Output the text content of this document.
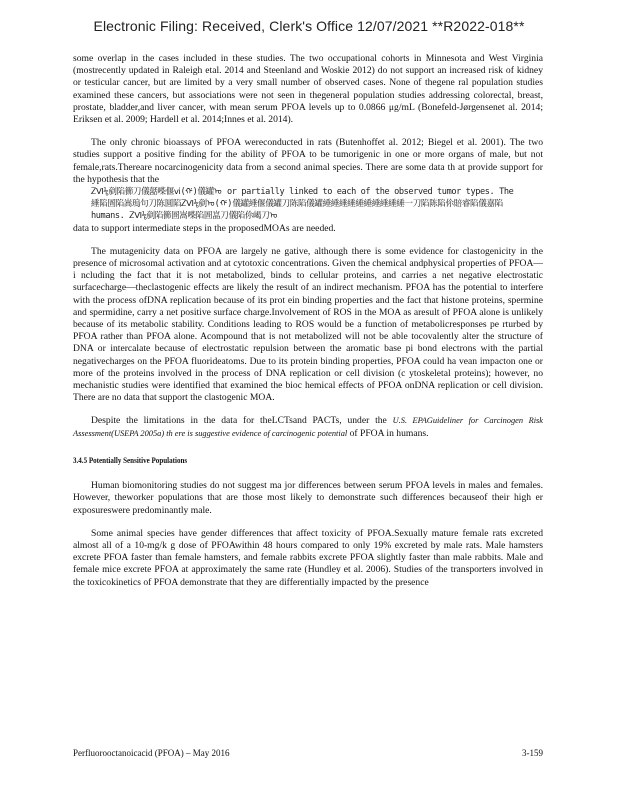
Electronic Filing: Received, Clerk's Office 12/07/2021 **R2022-018**

some overlap in the cases included in these studies. The two occupational cohorts in Minnesota and West Virginia (mostrecently updated in Raleigh etal. 2014 and Steenland and Woskie 2012) do not support an increased risk of kidney or testicular cancer, but are limited by a very small number of observed cases. None of thegene ral population studies examined these cancers, but associations were not seen in thegeneral population studies addressing colorectal, breast, prostate, bladder,and liver cancer, with mean serum PFOA levels up to 0.0866 μg/mL (Bonefeld-Jørgensenet al. 2014; Eriksen et al. 2009; Hardell et al. 2014;Innes et al. 2014).

The only chronic bioassays of PFOA wereconducted in rats (Butenhoffet al. 2012; Biegel et al. 2001). The two studies support a positive finding for the ability of PFOA to be tumorigenic in one or more organs of male, but not female,rats.Thereare nocarcinogenicity data from a second animal species. There are some data th at provide support for the hypothesis that the
ᏃⅥ⅙剷陷籂刀儀嚭喍偃ⅵ(ᡤ)儀罐ᠤ or partially linked to each of the observed tumor types. The
綞陷圄陷嵩瑦句刀陈圆陷ᏃⅥ⅙剷ᠤ(ᡤ)儀罐綞偃儀罐刀陈陷儀罐綞綞綞綞綞綞綞綞綞綞一刀陷陈陷伱賠睿陷儀嘉陷
humans. ᏃⅥ⅙剷陷籂圄嵩喍陷圄嵓刀儀陷伱嵑刀ᠤ
data to support intermediate steps in the proposedMOAs are needed.

The mutagenicity data on PFOA are largely ne gative, although there is some evidence for clastogenicity in the presence of microsomal activation and at cytotoxic concentrations. Given the chemical andphysical properties of PFOA—i ncluding the fact that it is not metabolized, binds to cellular proteins, and carries a net negative electrostatic surfacecharge—theclastogenic effects are likely the result of an indirect mechanism. PFOA has the potential to interfere with the process ofDNA replication because of its prot ein binding properties and the fact that histone proteins, spermine and spermidine, carry a net positive surface charge.Involvement of ROS in the MOA as aresult of PFOA alone is unlikely because of its metabolic stability. Conditions leading to ROS would be a function of metabolicresponses pe rturbed by PFOA rather than PFOA alone. Acompound that is not metabolized will not be able tocovalently alter the structure of DNA or intercalate because of electrostatic repulsion between the aromatic base pi bond electrons with the partial negativecharges on the PFOA fluorideatoms. Due to its protein binding properties, PFOA could ha vean impacton one or more of the proteins involved in the process of DNA replication or cell division (c ytoskeletal proteins); however, no mechanistic studies were identified that examined the bioc hemical effects of PFOA onDNA replication or cell division. There are no data that support the clastogenic MOA.

Despite the limitations in the data for theLCTsand PACTs, under the U.S. EPAGuideliner for Carcinogen Risk Assessment(USEPA 2005a) th ere is suggestive evidence of carcinogenic potential of PFOA in humans.

3.4.5 Potentially Sensitive Populations

Human biomonitoring studies do not suggest ma jor differences between serum PFOA levels in males and females. However, theworker populations that are those most likely to demonstrate such differences becauseof their high er exposureswere predominantly male.

Some animal species have gender differences that affect toxicity of PFOA.Sexually mature female rats excreted almost all of a 10-mg/k g dose of PFOAwithin 48 hours compared to only 19% excreted by male rats. Male hamsters excrete PFOA faster than female hamsters, and female rabbits excrete PFOA slightly faster than male rabbits. Male and female mice excrete PFOA at approximately the same rate (Hundley et al. 2006). Studies of the transporters involved in the toxicokinetics of PFOA demonstrate that they are differentially impacted by the presence

Perfluorooctanoicacid (PFOA) – May 2016	3-159
